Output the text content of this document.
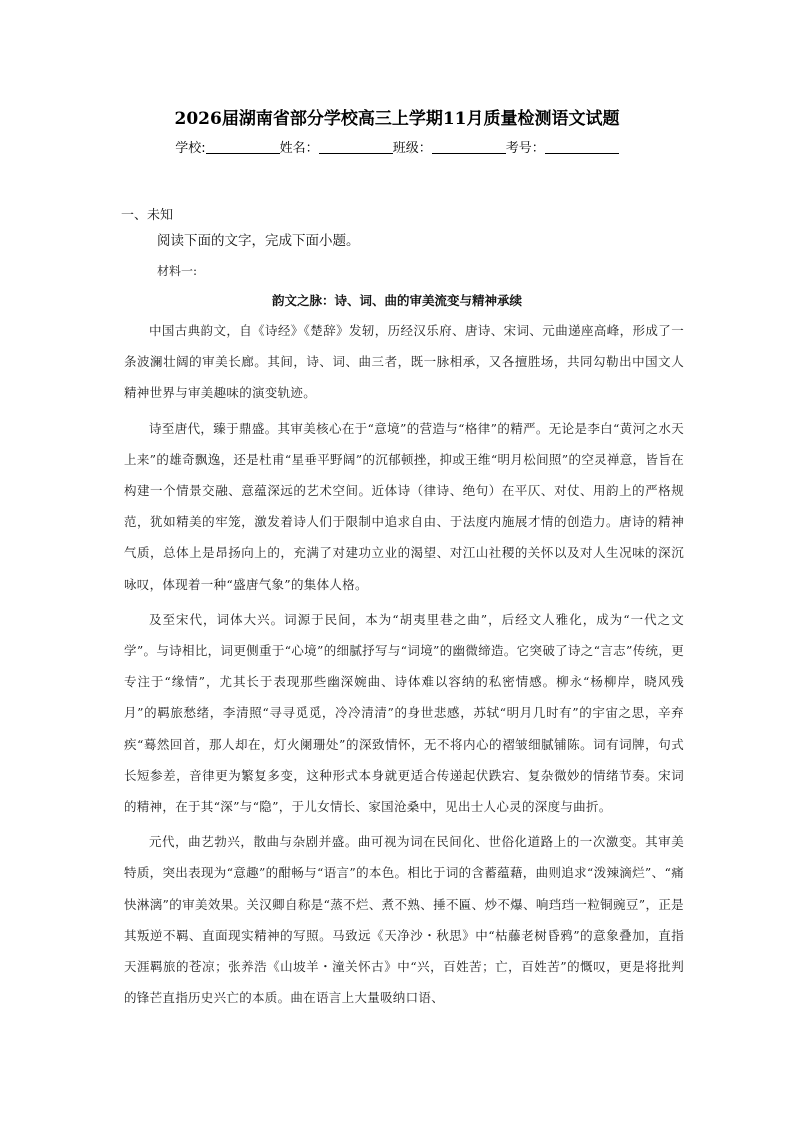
2026届湖南省部分学校高三上学期11月质量检测语文试题
学校:	姓名：	班级：	考号：
一、未知
阅读下面的文字，完成下面小题。
材料一:
韵文之脉：诗、词、曲的审美流变与精神承续

中国古典韵文，自《诗经》《楚辞》发轫，历经汉乐府、唐诗、宋词、元曲递座高峰，形成了一条波澜壮阔的审美长廊。其间，诗、词、曲三者，既一脉相承，又各擅胜场，共同勾勒出中国文人精神世界与审美趣味的演变轨迹。

诗至唐代，臻于鼎盛。其审美核心在于“意境”的营造与“格律”的精严。无论是李白“黄河之水天上来”的雄奇飘逸，还是杜甫“星垂平野阔”的沉郁顿挫，抑或王维“明月松间照”的空灵禅意，皆旨在构建一个情景交融、意蕴深远的艺术空间。近体诗（律诗、绝句）在平仄、对仗、用韵上的严格规范，犹如精美的牢笼，激发着诗人们于限制中追求自由、于法度内施展才情的创造力。唐诗的精神气质，总体上是昂扬向上的，充满了对建功立业的渴望、对江山社稷的关怀以及对人生况味的深沉咏叹，体现着一种“盛唐气象”的集体人格。

及至宋代，词体大兴。词源于民间，本为“胡夷里巷之曲”，后经文人雅化，成为“一代之文学”。与诗相比，词更侧重于“心境”的细腻抒写与“词境”的幽微缔造。它突破了诗之“言志”传统，更专注于“缘情”，尤其长于表现那些幽深婉曲、诗体难以容纳的私密情感。柳永“杨柳岸，晓风残月”的羁旅愁绪，李清照“寻寻觅觅，冷冷清清”的身世悲感，苏轼“明月几时有”的宇宙之思，辛弃疾“蓦然回首，那人却在，灯火阑珊处”的深致情怀，无不将内心的褶皱细腻铺陈。词有词牌，句式长短参差，音律更为繁复多变，这种形式本身就更适合传递起伏跌宕、复杂微妙的情绪节奏。宋词的精神，在于其“深”与“隐”，于儿女情长、家国沧桑中，见出士人心灵的深度与曲折。

元代，曲艺勃兴，散曲与杂剧并盛。曲可视为词在民间化、世俗化道路上的一次激变。其审美特质，突出表现为“意趣”的酣畅与“语言”的本色。相比于词的含蓄蕴藉，曲则追求“泼辣滴烂”、“痛快淋漓”的审美效果。关汉卿自称是“蒸不烂、煮不熟、捶不匾、炒不爆、响珰珰一粒铜豌豆”，正是其叛逆不羁、直面现实精神的写照。马致远《天净沙・秋思》中“枯藤老树昏鸦”的意象叠加，直指天涯羁旅的苍凉；张养浩《山坡羊・潼关怀古》中“兴，百姓苦；亡，百姓苦”的慨叹，更是将批判的锋芒直指历史兴亡的本质。曲在语言上大量吸纳口语、
